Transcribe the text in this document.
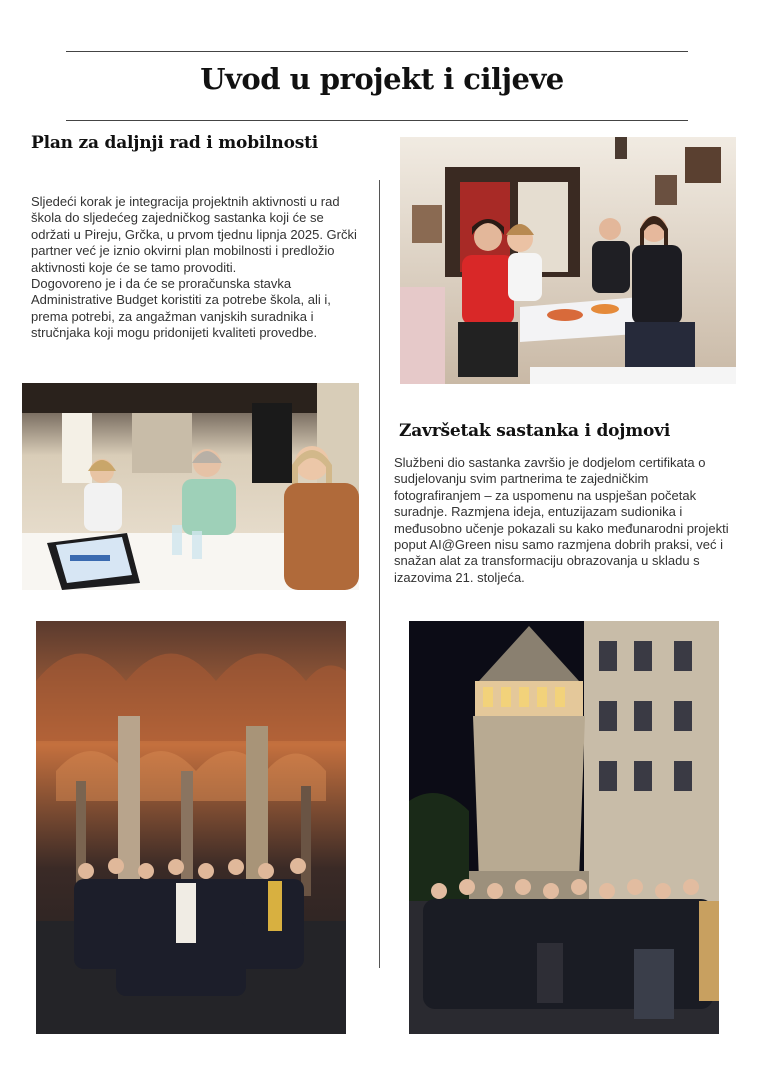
Uvod u projekt i ciljeve
Plan za daljnji rad i mobilnosti

Sljedeći korak je integracija projektnih aktivnosti u rad škola do sljedećeg zajedničkog sastanka koji će se održati u Pireju, Grčka, u prvom tjednu lipnja 2025. Grčki partner već je iznio okvirni plan mobilnosti i predložio aktivnosti koje će se tamo provoditi.

Dogovoreno je i da će se proračunska stavka Administrative Budget koristiti za potrebe škola, ali i, prema potrebi, za angažman vanjskih suradnika i stručnjaka koji mogu pridonijeti kvaliteti provedbe.

Završetak sastanka i dojmovi

Službeni dio sastanka završio je dodjelom certifikata o sudjelovanju svim partnerima te zajedničkim fotografiranjem – za uspomenu na uspješan početak suradnje. Razmjena ideja, entuzijazam sudionika i međusobno učenje pokazali su kako međunarodni projekti poput AI@Green nisu samo razmjena dobrih praksi, već i snažan alat za transformaciju obrazovanja u skladu s izazovima 21. stoljeća.
